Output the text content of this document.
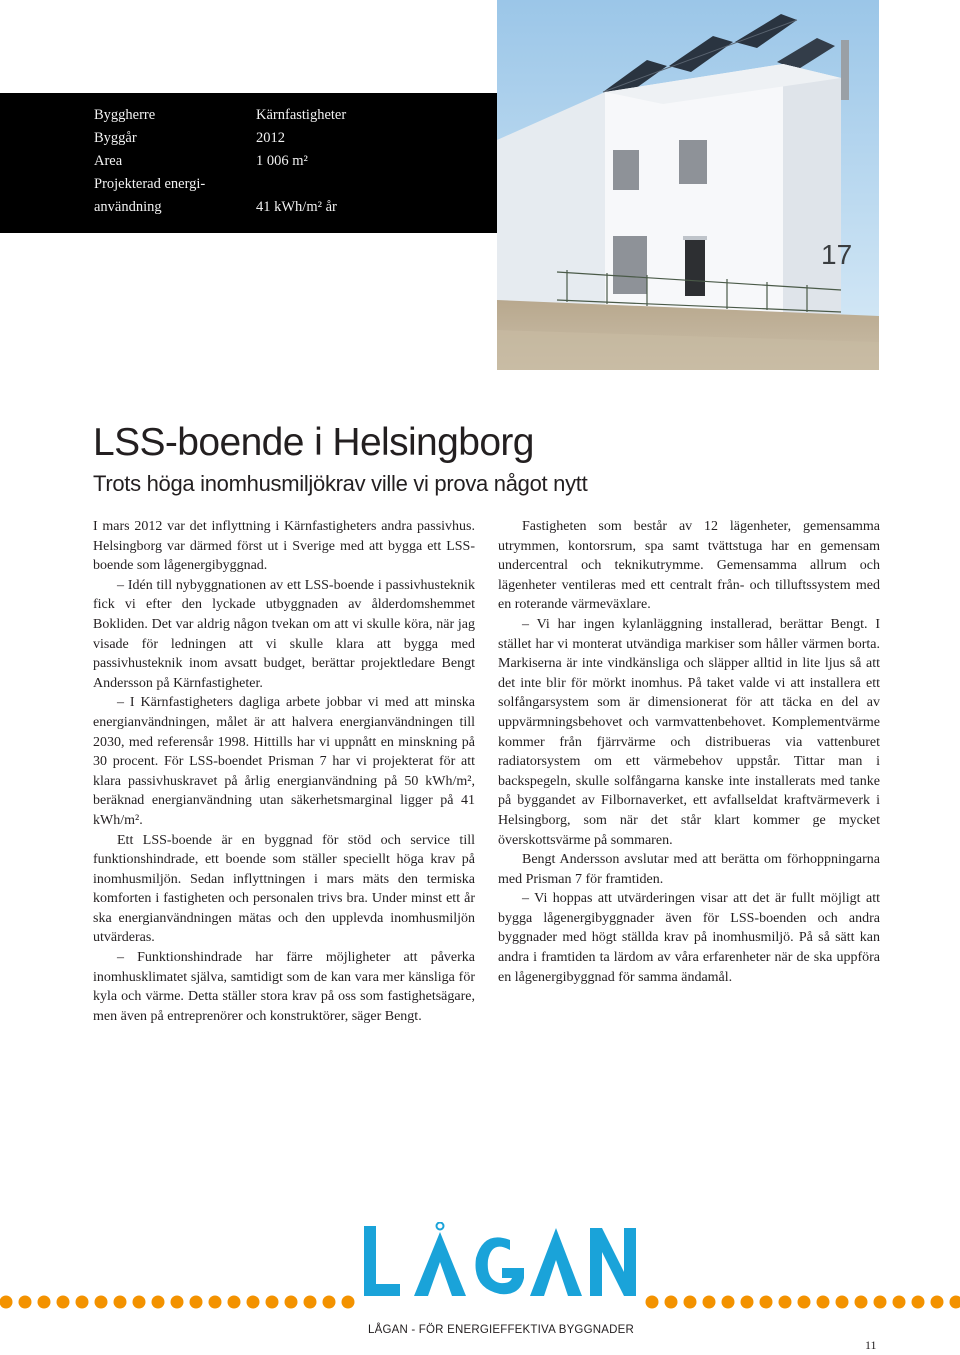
Byggherre	Kärnfastigheter
Byggår	2012
Area	1 006 m²
Projekterad energi-
användning	41 kWh/m² år
17
LSS-boende i Helsingborg
Trots höga inomhusmiljökrav ville vi prova något nytt

I mars 2012 var det inflyttning i Kärnfastigheters andra passivhus. Helsingborg var därmed först ut i Sverige med att bygga ett LSS-boende som lågenergibyggnad.

– Idén till nybyggnationen av ett LSS-boende i passivhusteknik fick vi efter den lyckade utbyggnaden av ålderdomshemmet Bokliden. Det var aldrig någon tvekan om att vi skulle köra, när jag visade för ledningen att vi skulle klara att bygga med passivhusteknik inom avsatt budget, berättar projektledare Bengt Andersson på Kärnfastigheter.

– I Kärnfastigheters dagliga arbete jobbar vi med att minska energianvändningen, målet är att halvera energianvändningen till 2030, med referensår 1998. Hittills har vi uppnått en minskning på 30 procent. För LSS-boendet Prisman 7 har vi projekterat för att klara passivhuskravet på årlig energianvändning på 50 kWh/m², beräknad energianvändning utan säkerhetsmarginal ligger på 41 kWh/m².

Ett LSS-boende är en byggnad för stöd och service till funktionshindrade, ett boende som ställer speciellt höga krav på inomhusmiljön. Sedan inflyttningen i mars mäts den termiska komforten i fastigheten och personalen trivs bra. Under minst ett år ska energianvändningen mätas och den upplevda inomhusmiljön utvärderas.

– Funktionshindrade har färre möjligheter att påverka inomhusklimatet själva, samtidigt som de kan vara mer känsliga för kyla och värme. Detta ställer stora krav på oss som fastighetsägare, men även på entreprenörer och konstruktörer, säger Bengt.

Fastigheten som består av 12 lägenheter, gemensamma utrymmen, kontorsrum, spa samt tvättstuga har en gemensam undercentral och teknikutrymme. Gemensamma allrum och lägenheter ventileras med ett centralt från- och tilluftssystem med en roterande värmeväxlare.

– Vi har ingen kylanläggning installerad, berättar Bengt. I stället har vi monterat utvändiga markiser som håller värmen borta. Markiserna är inte vindkänsliga och släpper alltid in lite ljus så att det inte blir för mörkt inomhus. På taket valde vi att installera ett solfångarsystem som är dimensionerat för att täcka en del av uppvärmningsbehovet och varmvattenbehovet. Komplementvärme kommer från fjärrvärme och distribueras via vattenburet radiatorsystem om ett värmebehov uppstår. Tittar man i backspegeln, skulle solfångarna kanske inte installerats med tanke på byggandet av Filbornaverket, ett avfallseldat kraftvärmeverk i Helsingborg, som när det står klart kommer ge mycket överskottsvärme på sommaren.

Bengt Andersson avslutar med att berätta om förhoppningarna med Prisman 7 för framtiden.

– Vi hoppas att utvärderingen visar att det är fullt möjligt att bygga lågenergibyggnader även för LSS-boenden och andra byggnader med högt ställda krav på inomhusmiljö. På så sätt kan andra i framtiden ta lärdom av våra erfarenheter när de ska uppföra en lågenergibyggnad för samma ändamål.

LÅGAN
LÅGAN - FÖR ENERGIEFFEKTIVA BYGGNADER
11
